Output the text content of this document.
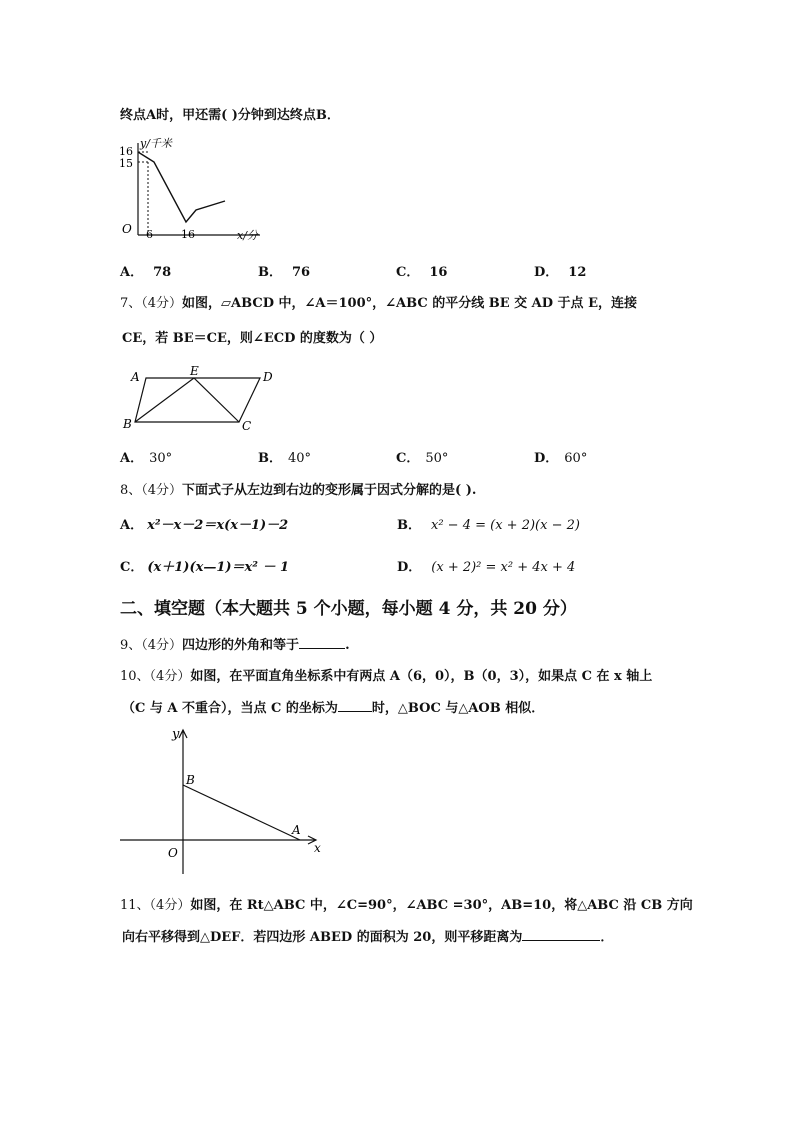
终点A时，甲还需( )分钟到达终点B．
y/千米
16
15
O 6	16	x/分
A． 78	B． 76	C． 16	D． 12
7、（4分）如图，▱ABCD 中，∠A＝100°，∠ABC 的平分线 BE 交 AD 于点 E，连接
CE，若 BE＝CE，则∠ECD 的度数为（ ）
A	E	D
B	C
A． 30°	B． 40°	C． 50°	D． 60°
8、（4分）下面式子从左边到右边的变形属于因式分解的是( ).
A． x²－x－2＝x(x－1)－2	B． x² − 4 = (x + 2)(x − 2)
C． (x＋1)(x—1)＝x² － 1	D． (x + 2)² = x² + 4x + 4
二、填空题（本大题共 5 个小题，每小题 4 分，共 20 分）
9、（4分）四边形的外角和等于	.
10、（4分）如图，在平面直角坐标系中有两点 A（6，0），B（0，3），如果点 C 在 x 轴上
（C 与 A 不重合），当点 C 的坐标为	时，△BOC 与△AOB 相似．
y
B
A
O	x
11、（4分）如图，在 Rt△ABC 中，∠C=90°，∠ABC =30°，AB=10，将△ABC 沿 CB 方向
向右平移得到△DEF．若四边形 ABED 的面积为 20，则平移距离为	．
